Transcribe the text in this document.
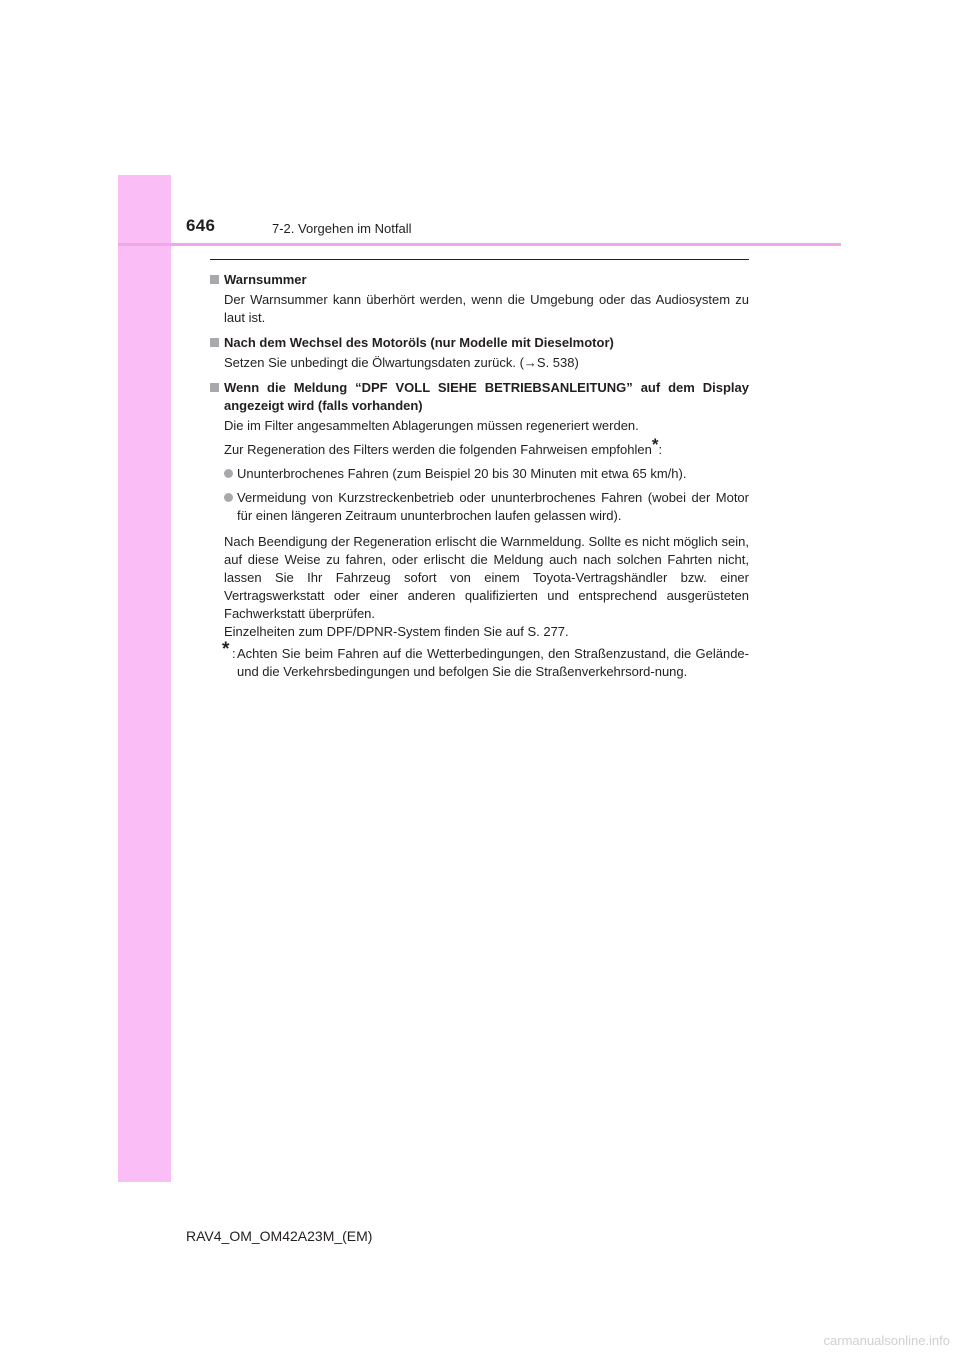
646	7-2. Vorgehen im Notfall
Warnsummer
Der Warnsummer kann überhört werden, wenn die Umgebung oder das Audiosystem zu laut ist.
Nach dem Wechsel des Motoröls (nur Modelle mit Dieselmotor)
Setzen Sie unbedingt die Ölwartungsdaten zurück. (→S. 538)
Wenn die Meldung “DPF VOLL SIEHE BETRIEBSANLEITUNG” auf dem Display angezeigt wird (falls vorhanden)
Die im Filter angesammelten Ablagerungen müssen regeneriert werden.
Zur Regeneration des Filters werden die folgenden Fahrweisen empfohlen*:
Ununterbrochenes Fahren (zum Beispiel 20 bis 30 Minuten mit etwa 65 km/h).
Vermeidung von Kurzstreckenbetrieb oder ununterbrochenes Fahren (wobei der Motor für einen längeren Zeitraum ununterbrochen laufen gelassen wird).
Nach Beendigung der Regeneration erlischt die Warnmeldung. Sollte es nicht möglich sein, auf diese Weise zu fahren, oder erlischt die Meldung auch nach solchen Fahrten nicht, lassen Sie Ihr Fahrzeug sofort von einem Toyota-Vertragshändler bzw. einer Vertragswerkstatt oder einer anderen qualifizierten und entsprechend ausgerüsteten Fachwerkstatt überprüfen.
Einzelheiten zum DPF/DPNR-System finden Sie auf S. 277.
* : Achten Sie beim Fahren auf die Wetterbedingungen, den Straßenzustand, die Gelände- und die Verkehrsbedingungen und befolgen Sie die Straßenverkehrsord-nung.
RAV4_OM_OM42A23M_(EM)
carmanualsonline.info
